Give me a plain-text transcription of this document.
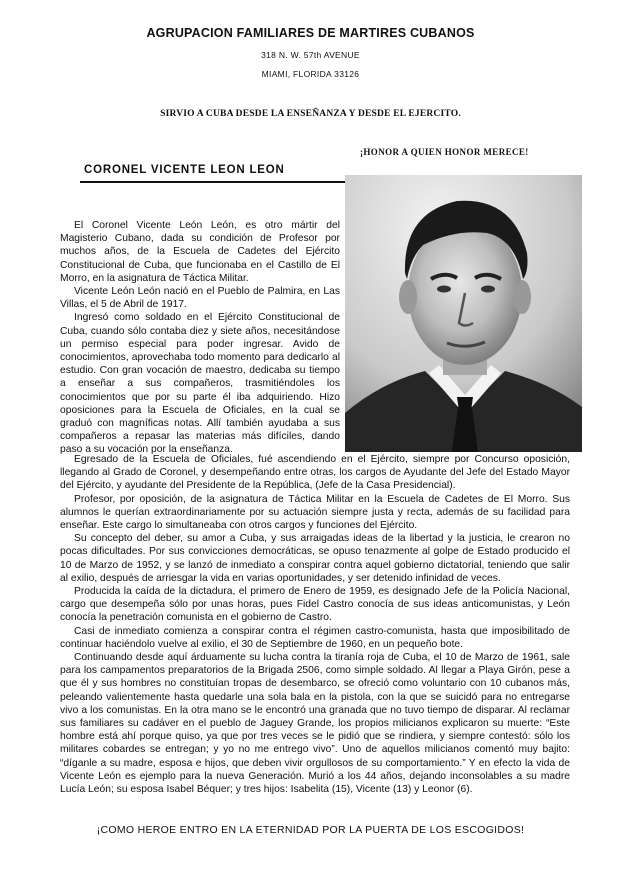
AGRUPACION FAMILIARES DE MARTIRES CUBANOS
318 N. W. 57th AVENUE
MIAMI, FLORIDA 33126
SIRVIO A CUBA DESDE LA ENSEÑANZA Y DESDE EL EJERCITO.
¡HONOR A QUIEN HONOR MERECE!
CORONEL VICENTE LEON LEON

El Coronel Vicente León León, es otro mártir del Magisterio Cubano, dada su condición de Profesor por muchos años, de la Escuela de Cadetes del Ejército Constitucional de Cuba, que funcionaba en el Castillo de El Morro, en la asignatura de Táctica Militar.

Vicente León León nació en el Pueblo de Palmira, en Las Villas, el 5 de Abril de 1917.

Ingresó como soldado en el Ejército Constitucional de Cuba, cuando sólo contaba diez y siete años, necesitándose un permiso especial para poder ingresar. Avido de conocimientos, aprovechaba todo momento para dedicarlo al estudio. Con gran vocación de maestro, dedicaba su tiempo a enseñar a sus compañeros, trasmitiéndoles los conocimientos que por su parte él iba adquiriendo. Hizo oposiciones para la Escuela de Oficiales, en la cual se graduó con magníficas notas. Allí también ayudaba a sus compañeros a repasar las materias más difíciles, dando paso a su vocación por la enseñanza.

Egresado de la Escuela de Oficiales, fué ascendiendo en el Ejército, siempre por Concurso oposición, llegando al Grado de Coronel, y desempeñando entre otras, los cargos de Ayudante del Jefe del Estado Mayor del Ejército, y ayudante del Presidente de la República, (Jefe de la Casa Presidencial).

Profesor, por oposición, de la asignatura de Táctica Militar en la Escuela de Cadetes de El Morro. Sus alumnos le querían extraordinariamente por su actuación siempre justa y recta, además de su facilidad para enseñar. Este cargo lo simultaneaba con otros cargos y funciones del Ejército.

Su concepto del deber, su amor a Cuba, y sus arraigadas ideas de la libertad y la justicia, le crearon no pocas dificultades. Por sus convicciones democráticas, se opuso tenazmente al golpe de Estado producido el 10 de Marzo de 1952, y se lanzó de inmediato a conspirar contra aquel gobierno dictatorial, teniendo que salir al exilio, después de arriesgar la vida en varias oportunidades, y ser detenido infinidad de veces.

Producida la caída de la dictadura, el primero de Enero de 1959, es designado Jefe de la Policía Nacional, cargo que desempeña sólo por unas horas, pues Fidel Castro conocía de sus ideas anticomunistas, y León conocía la penetración comunista en el gobierno de Castro.

Casi de inmediato comienza a conspirar contra el régimen castro-comunista, hasta que imposibilitado de continuar haciéndolo vuelve al exilio, el 30 de Septiembre de 1960, en un pequeño bote.

Continuando desde aquí árduamente su lucha contra la tiranía roja de Cuba, el 10 de Marzo de 1961, sale para los campamentos preparatorios de la Brigada 2506, como simple soldado. Al llegar a Playa Girón, pese a que él y sus hombres no constituían tropas de desembarco, se ofreció como voluntario con 10 cubanos más, peleando valientemente hasta quedarle una sola bala en la pistola, con la que se suicidó para no entregarse vivo a los comunistas. En la otra mano se le encontró una granada que no tuvo tiempo de disparar. Al reclamar sus familiares su cadáver en el pueblo de Jaguey Grande, los propios milicianos explicaron su muerte: “Este hombre está ahí porque quiso, ya que por tres veces se le pidió que se rindiera, y siempre contestó: sólo los militares cobardes se entregan; y yo no me entrego vivo”. Uno de aquellos milicianos comentó muy bajito: “díganle a su madre, esposa e hijos, que deben vivir orgullosos de su comportamiento.” Y en efecto la vida de Vicente León es ejemplo para la nueva Generación. Murió a los 44 años, dejando inconsolables a su madre Lucía León; su esposa Isabel Béquer; y tres hijos: Isabelita (15), Vicente (13) y Leonor (6).

¡COMO HEROE ENTRO EN LA ETERNIDAD POR LA PUERTA DE LOS ESCOGIDOS!
